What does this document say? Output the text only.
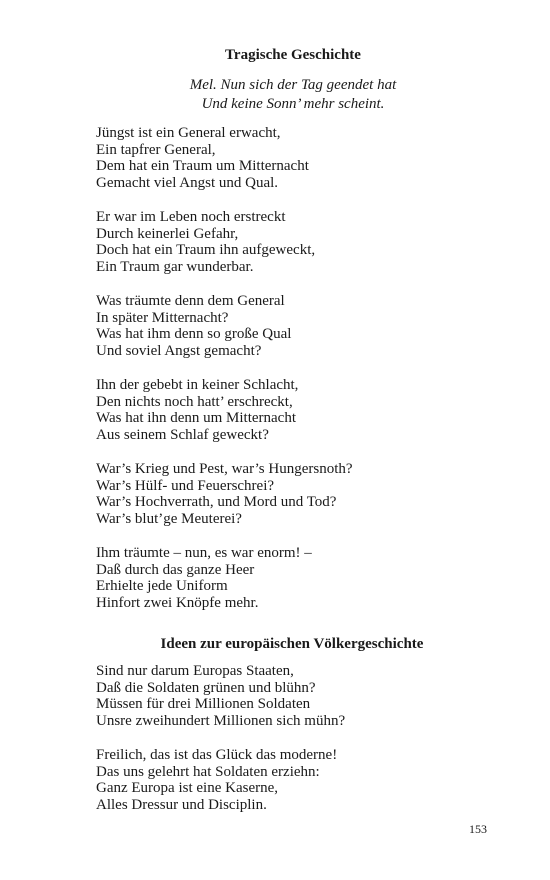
Tragische Geschichte
Mel. Nun sich der Tag geendet hat
Und keine Sonn’ mehr scheint.
Jüngst ist ein General erwacht,
Ein tapfrer General,
Dem hat ein Traum um Mitternacht
Gemacht viel Angst und Qual.
Er war im Leben noch erstreckt
Durch keinerlei Gefahr,
Doch hat ein Traum ihn aufgeweckt,
Ein Traum gar wunderbar.
Was träumte denn dem General
In später Mitternacht?
Was hat ihm denn so große Qual
Und soviel Angst gemacht?
Ihn der gebebt in keiner Schlacht,
Den nichts noch hatt’ erschreckt,
Was hat ihn denn um Mitternacht
Aus seinem Schlaf geweckt?
War’s Krieg und Pest, war’s Hungersnoth?
War’s Hülf- und Feuerschrei?
War’s Hochverrath, und Mord und Tod?
War’s blut’ge Meuterei?
Ihm träumte – nun, es war enorm! –
Daß durch das ganze Heer
Erhielte jede Uniform
Hinfort zwei Knöpfe mehr.
Ideen zur europäischen Völkergeschichte
Sind nur darum Europas Staaten,
Daß die Soldaten grünen und blühn?
Müssen für drei Millionen Soldaten
Unsre zweihundert Millionen sich mühn?
Freilich, das ist das Glück das moderne!
Das uns gelehrt hat Soldaten erziehn:
Ganz Europa ist eine Kaserne,
Alles Dressur und Disciplin.
153
